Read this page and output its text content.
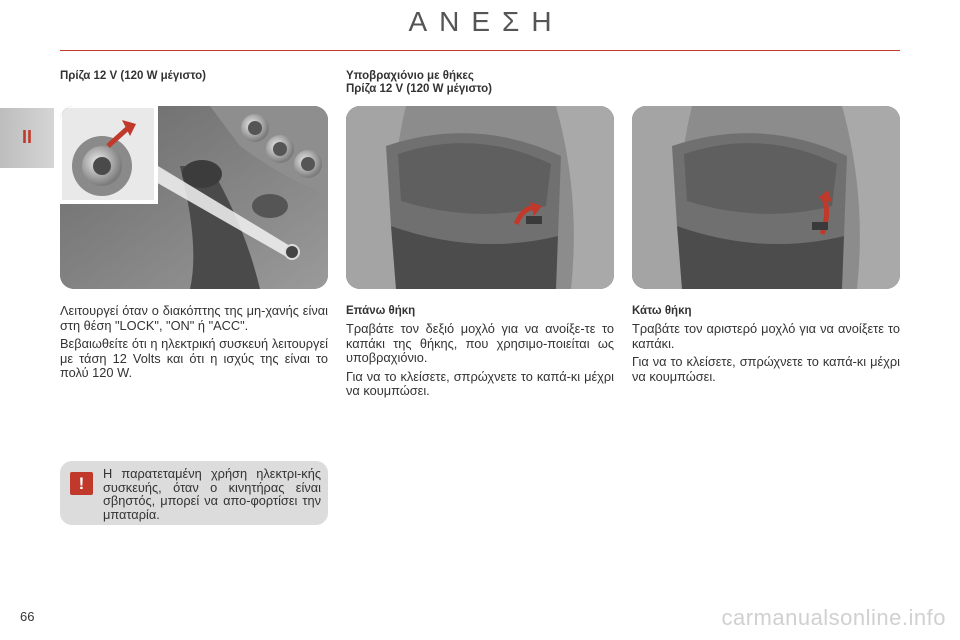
ΑΝΕΣΗ
II
Πρίζα 12 V (120 W μέγιστο)

Λειτουργεί όταν ο διακόπτης της μη-χανής είναι στη θέση "LOCK", "ON" ή "ACC".

Βεβαιωθείτε ότι η ηλεκτρική συσκευή λειτουργεί με τάση 12 Volts και ότι η ισχύς της είναι το πολύ 120 W.

!
Η παρατεταμένη χρήση ηλεκτρι-κής συσκευής, όταν ο κινητήρας είναι σβηστός, μπορεί να απο-φορτίσει την μπαταρία.
Υποβραχιόνιο με θήκες
Πρίζα 12 V (120 W μέγιστο)
Επάνω θήκη

Τραβάτε τον δεξιό μοχλό για να ανοίξε-τε το καπάκι της θήκης, που χρησιμο-ποιείται ως υποβραχιόνιο.

Για να το κλείσετε, σπρώχνετε το καπά-κι μέχρι να κουμπώσει.

Κάτω θήκη

Τραβάτε τον αριστερό μοχλό για να ανοίξετε το καπάκι.

Για να το κλείσετε, σπρώχνετε το καπά-κι μέχρι να κουμπώσει.

66	carmanualsonline.info
